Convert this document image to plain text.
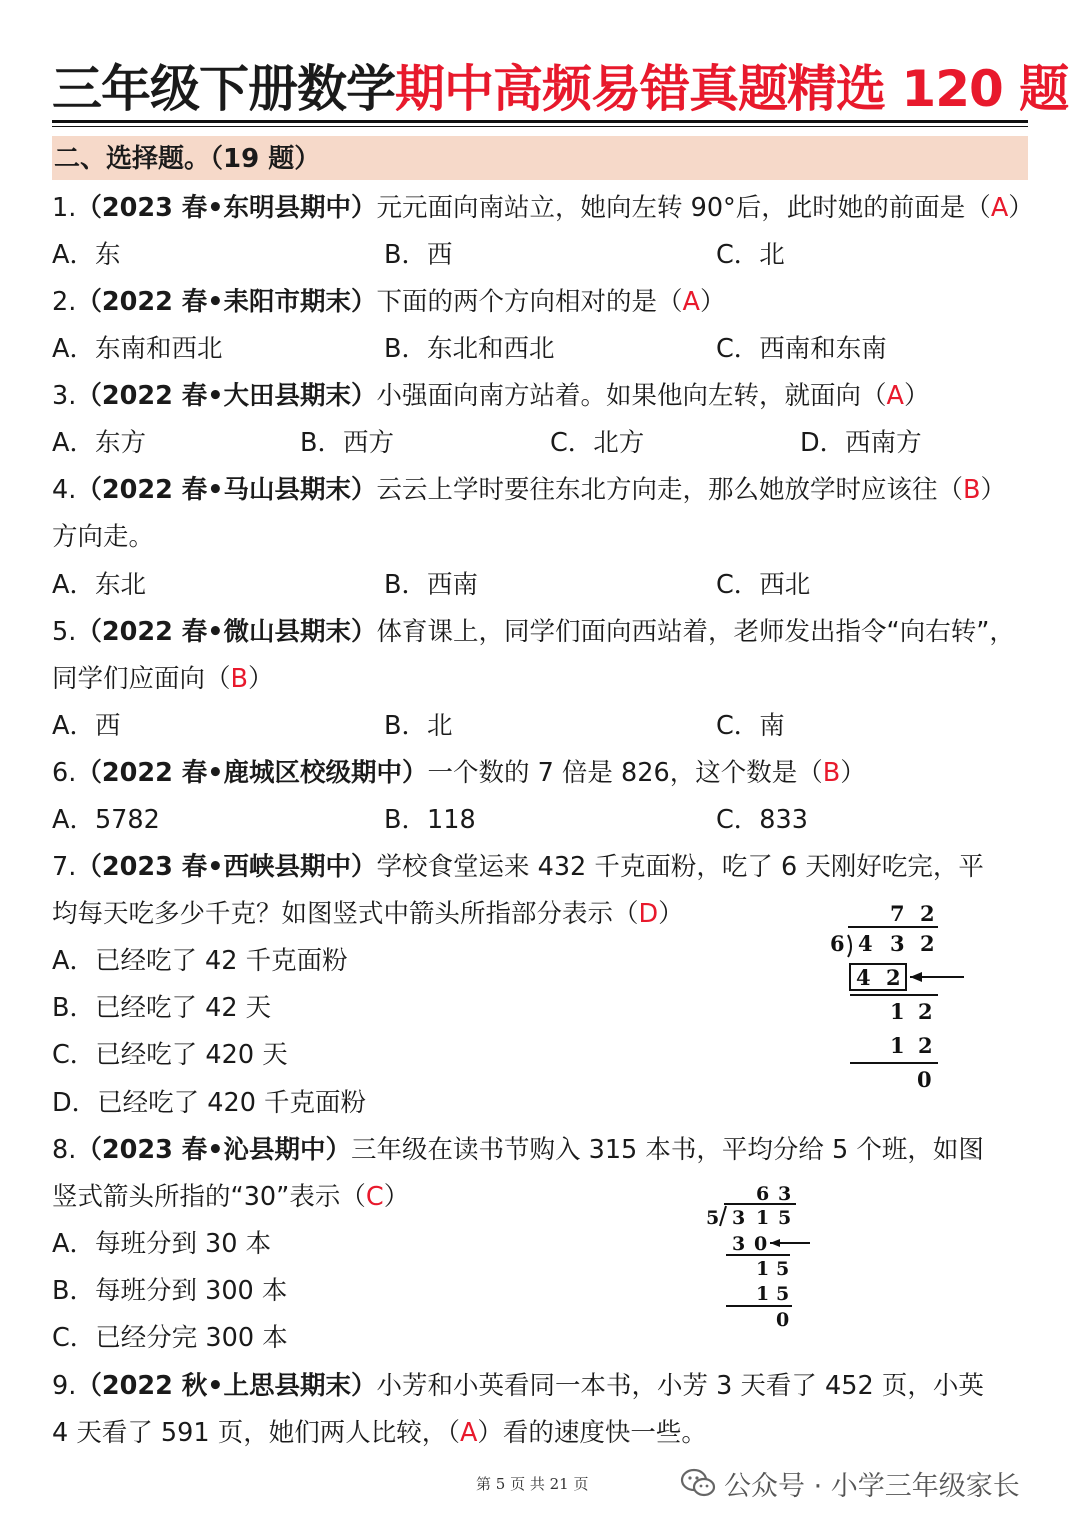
三年级下册数学期中高频易错真题精选 120 题
二、选择题。（19 题）
1.（2023 春•东明县期中）元元面向南站立，她向左转 90°后，此时她的前面是（A）
A．东	B．西	C．北
2.（2022 春•耒阳市期末）下面的两个方向相对的是（A）
A．东南和西北	B．东北和西北	C．西南和东南
3.（2022 春•大田县期末）小强面向南方站着。如果他向左转，就面向（A）
A．东方	B．西方	C．北方	D．西南方
4.（2022 春•马山县期末）云云上学时要往东北方向走，那么她放学时应该往（B）
方向走。
A．东北	B．西南	C．西北
5.（2022 春•微山县期末）体育课上，同学们面向西站着，老师发出指令“向右转”，
同学们应面向（B）
A．西	B．北	C．南
6.（2022 春•鹿城区校级期中）一个数的 7 倍是 826，这个数是（B）
A．5782	B．118	C．833
7.（2023 春•西峡县期中）学校食堂运来 432 千克面粉，吃了 6 天刚好吃完，平
均每天吃多少千克？如图竖式中箭头所指部分表示（D）
A．已经吃了 42 千克面粉
B．已经吃了 42 天
C．已经吃了 420 天
D．已经吃了 420 千克面粉
7 2
6 4 3 2
4 2
1 2
1 2
0
8.（2023 春•沁县期中）三年级在读书节购入 315 本书，平均分给 5 个班，如图
竖式箭头所指的“30”表示（C）
A．每班分到 30 本
B．每班分到 300 本
C．已经分完 300 本
6 3
5 3 1 5
3 0
1 5
1 5
0
9.（2022 秋•上思县期末）小芳和小英看同一本书，小芳 3 天看了 452 页，小英
4 天看了 591 页，她们两人比较，（A）看的速度快一些。
第 5 页 共 21 页	公众号 · 小学三年级家长
